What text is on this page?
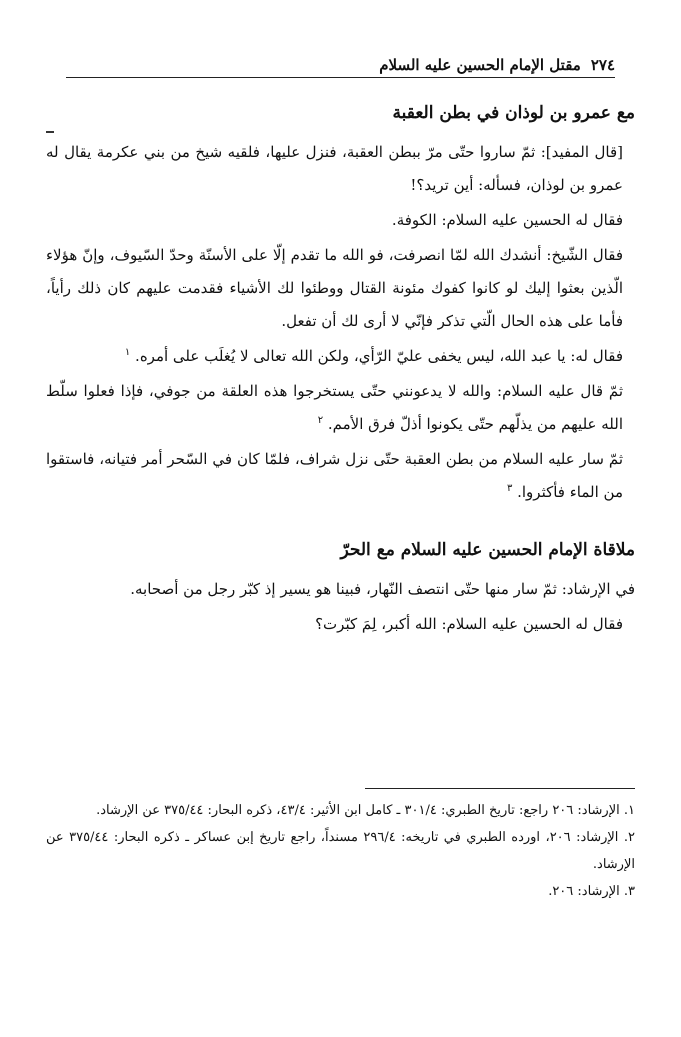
٢٧٤
مقتل الإمام الحسين عليه السلام
مع عمرو بن لوذان في بطن العقبة

[قال المفيد]: ثمّ ساروا حتّى مرّ ببطن العقبة، فنزل عليها، فلقيه شيخ من بني عكرمة يقال له عمرو بن لوذان، فسأله: أين تريد؟!

فقال له الحسين عليه السلام: الكوفة.

فقال الشّيخ: أنشدك الله لمّا انصرفت، فو الله ما تقدم إلّا على الأسنّة وحدّ السّيوف، وإنّ هؤلاء الّذين بعثوا إليك لو كانوا كفوك مئونة القتال ووطئوا لك الأشياء فقدمت عليهم كان ذلك رأياً، فأما على هذه الحال الّتي تذكر فإنّي لا أرى لك أن تفعل.

فقال له: يا عبد الله، ليس يخفى عليّ الرّأي، ولكن الله تعالى لا يُغلَب على أمره. $^١$

ثمّ قال عليه السلام: والله لا يدعونني حتّى يستخرجوا هذه العلقة من جوفي، فإذا فعلوا سلّط الله عليهم من يذلّهم حتّى يكونوا أذلّ فرق الأمم. $^٢$

ثمّ سار عليه السلام من بطن العقبة حتّى نزل شراف، فلمّا كان في السّحر أمر فتيانه، فاستقوا من الماء فأكثروا. $^٣$

ملاقاة الإمام الحسين عليه السلام مع الحرّ

في الإرشاد: ثمّ سار منها حتّى انتصف النّهار، فبينا هو يسير إذ كبّر رجل من أصحابه.

فقال له الحسين عليه السلام: الله أكبر، لِمَ كبّرت؟

١. الإرشاد: ٢٠٦ راجع: تاريخ الطبري: ٣٠١/٤ ـ كامل ابن الأثير: ٤٣/٤، ذكره البحار: ٣٧٥/٤٤ عن الإرشاد.

٢. الإرشاد: ٢٠٦، اورده الطبري في تاريخه: ٢٩٦/٤ مسنداً، راجع تاريخ إبن عساكر ـ ذكره البحار: ٣٧٥/٤٤ عن الإرشاد.

٣. الإرشاد: ٢٠٦.
